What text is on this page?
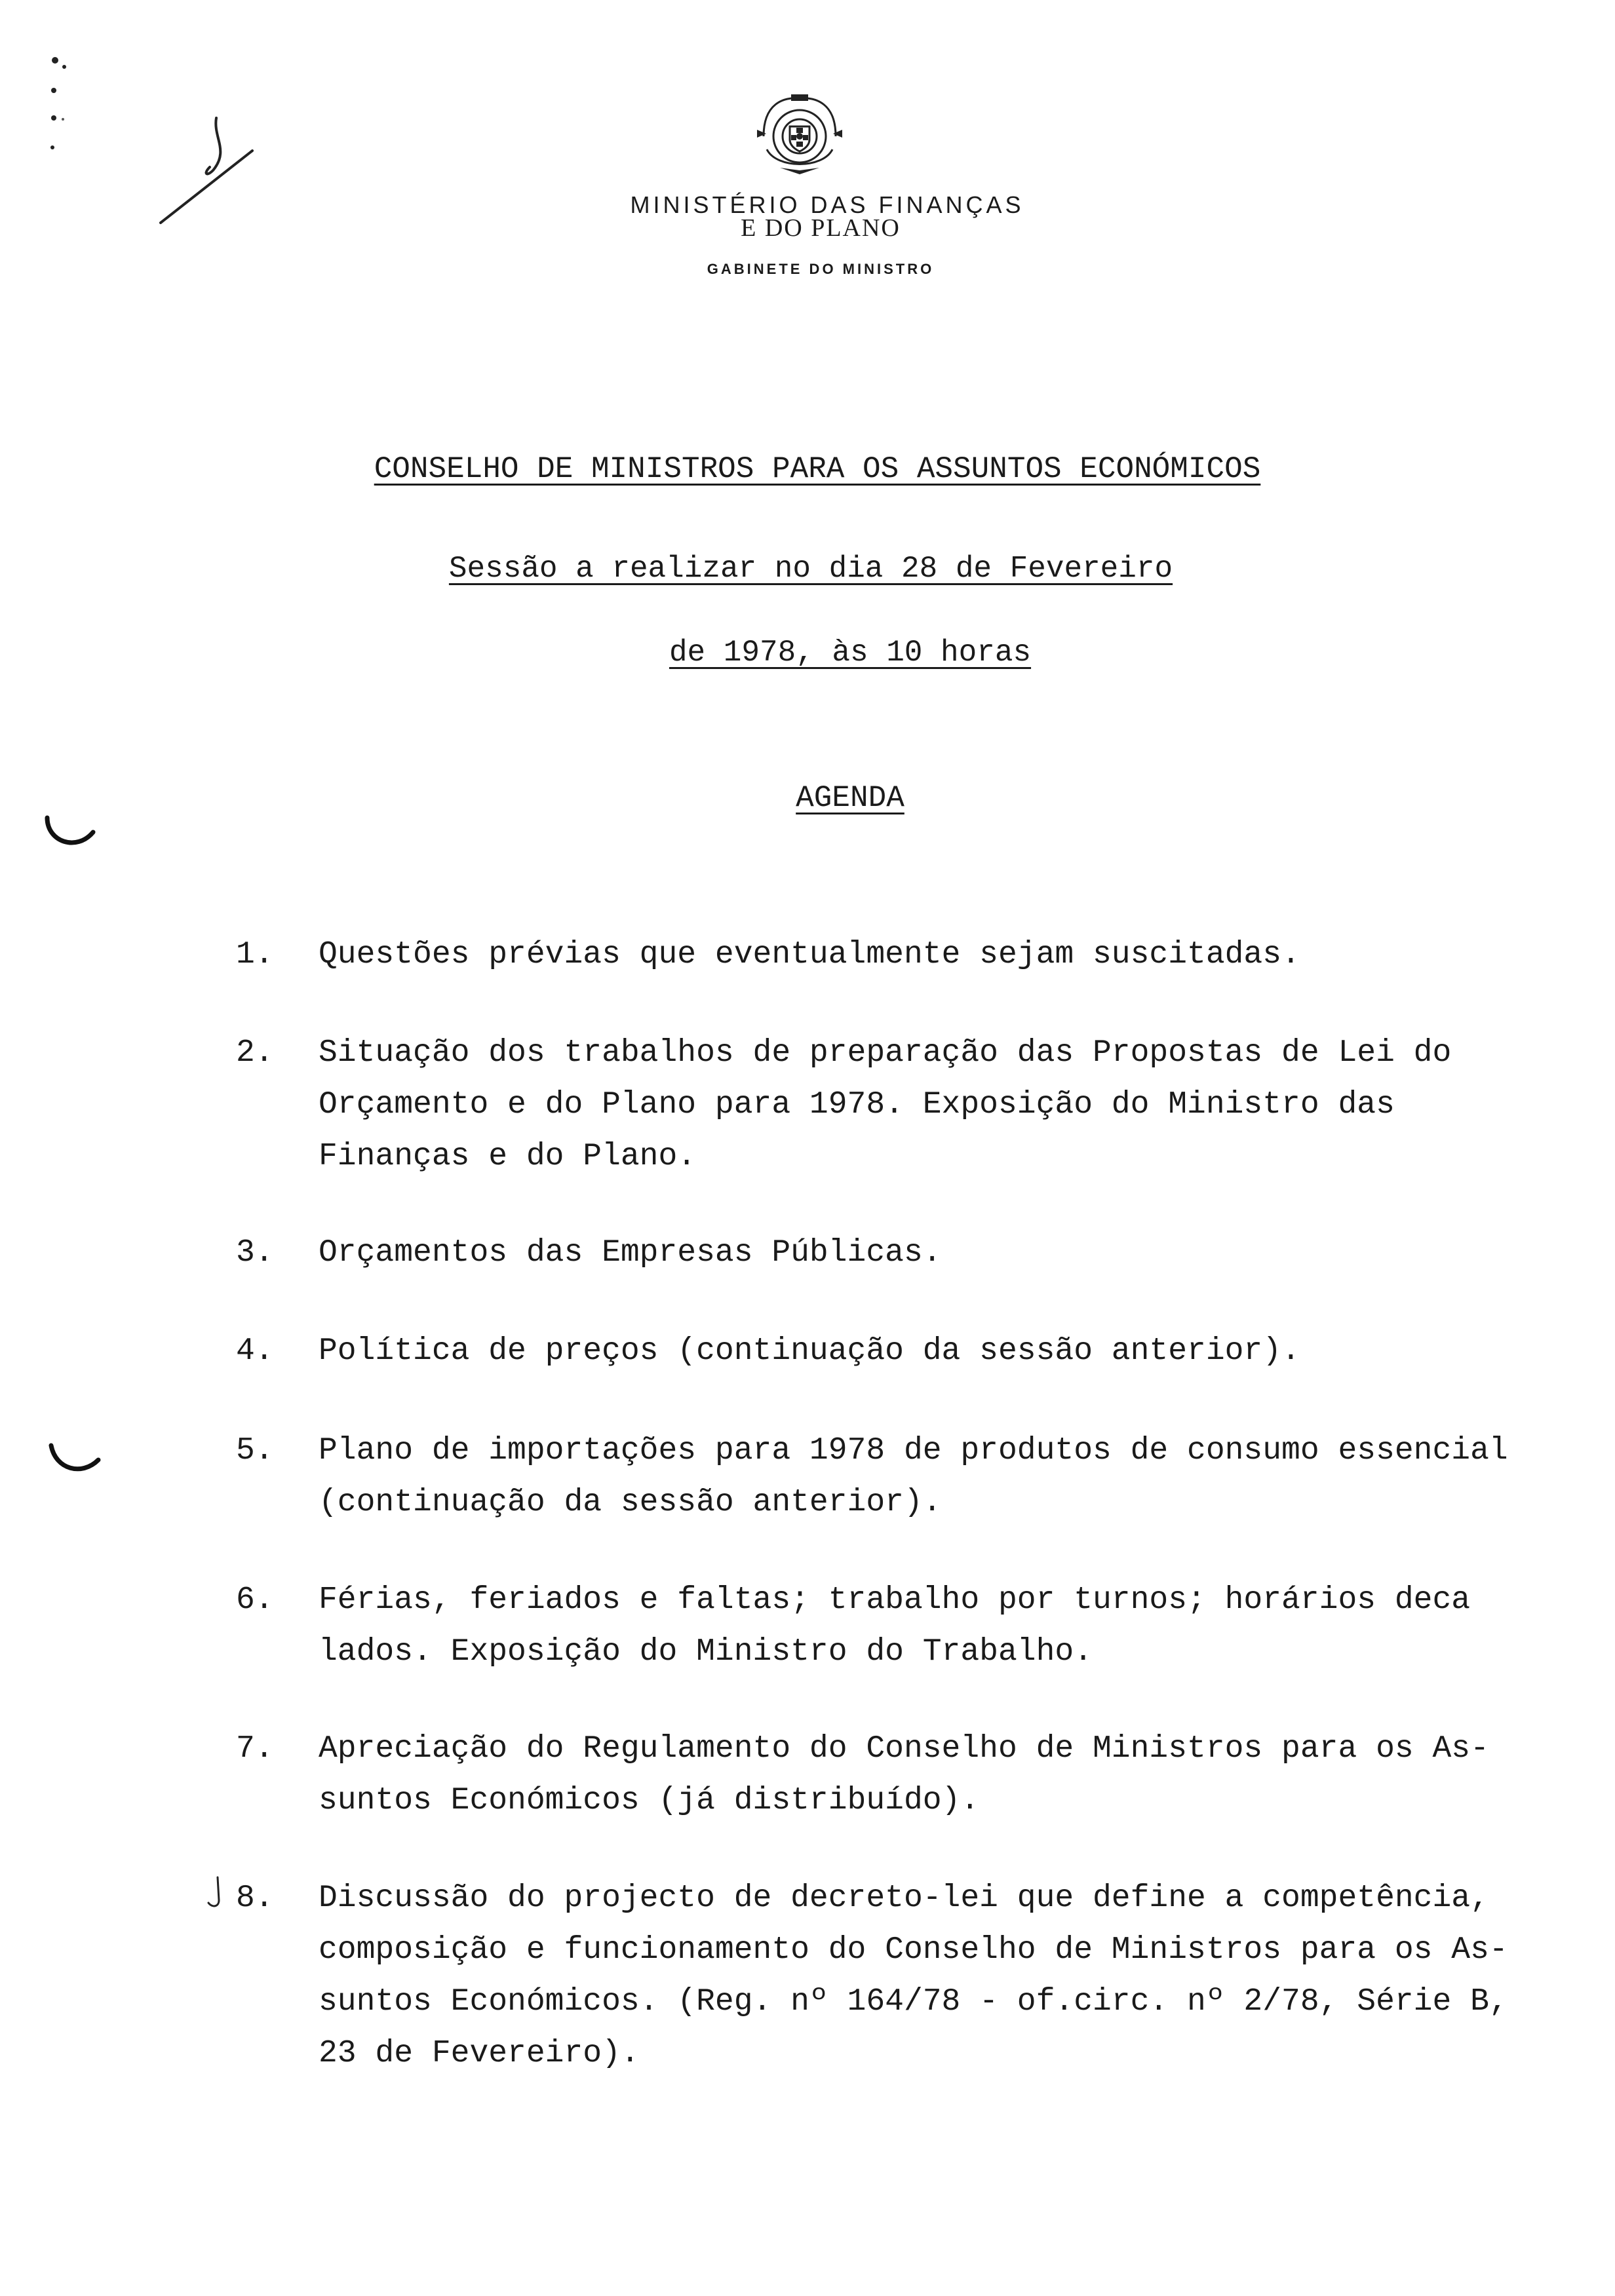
MINISTÉRIO DAS FINANÇAS
E DO PLANO
GABINETE DO MINISTRO
CONSELHO DE MINISTROS PARA OS ASSUNTOS ECONÓMICOS
Sessão a realizar no dia 28 de Fevereiro
de 1978, às 10 horas
AGENDA
1.	Questões prévias que eventualmente sejam suscitadas.
2.	Situação dos trabalhos de preparação das Propostas de Lei do
Orçamento e do Plano para 1978. Exposição do Ministro das
Finanças e do Plano.
3.	Orçamentos das Empresas Públicas.
4.	Política de preços (continuação da sessão anterior).
5.	Plano de importações para 1978 de produtos de consumo essencial
(continuação da sessão anterior).
6.	Férias, feriados e faltas; trabalho por turnos; horários deca
lados. Exposição do Ministro do Trabalho.
7.	Apreciação do Regulamento do Conselho de Ministros para os As-
suntos Económicos (já distribuído).
8.	Discussão do projecto de decreto-lei que define a competência,
composição e funcionamento do Conselho de Ministros para os As-
suntos Económicos. (Reg. nº 164/78 - of.circ. nº 2/78, Série B,
23 de Fevereiro).
